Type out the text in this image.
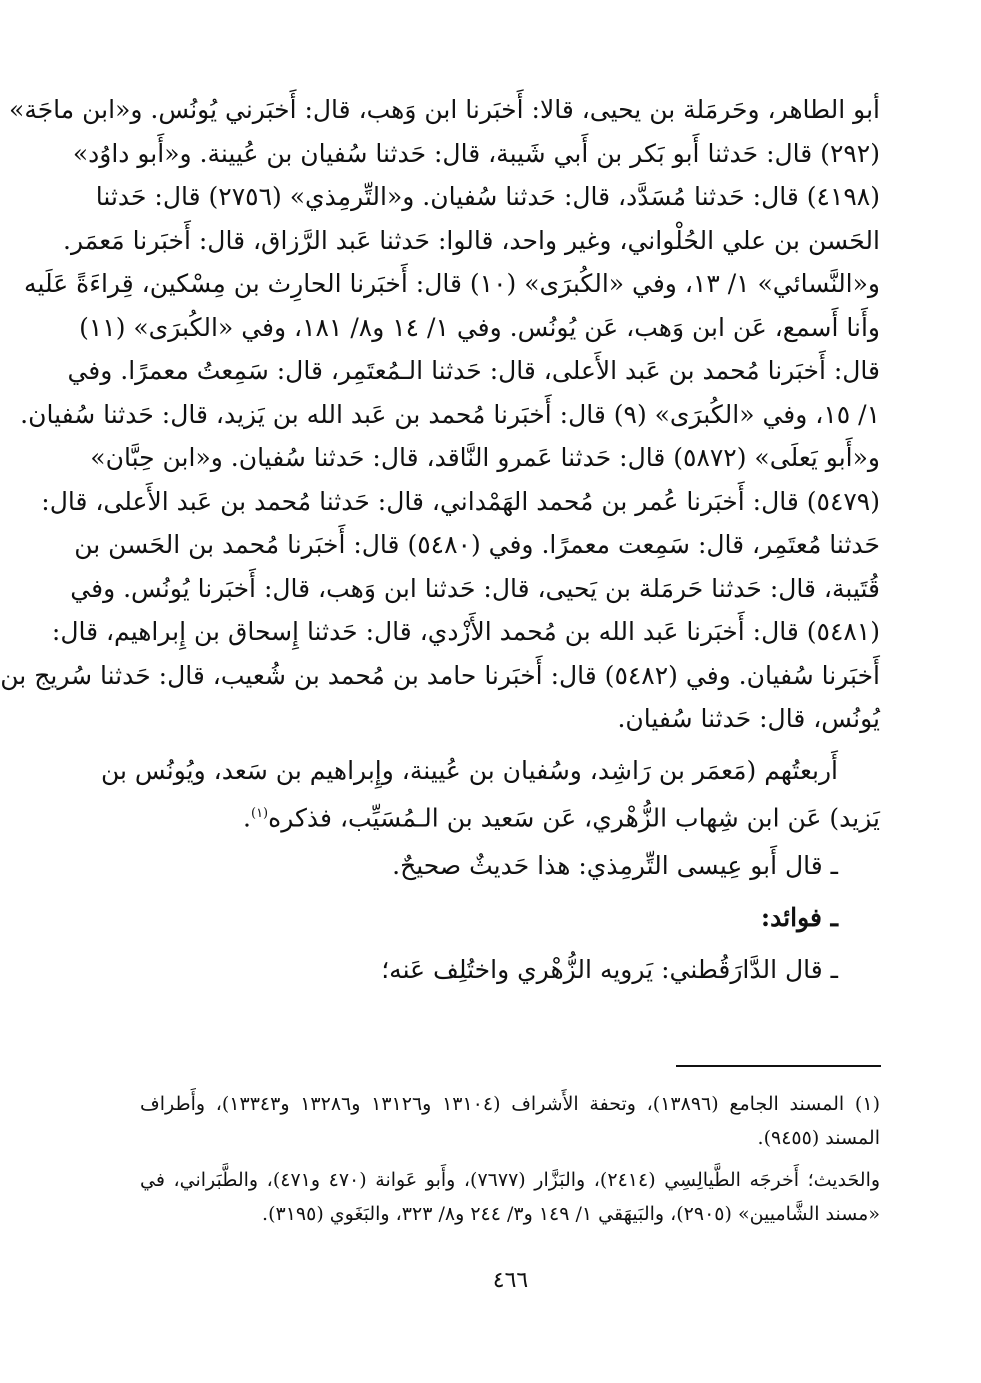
أبو الطاهر، وحَرمَلة بن يحيى، قالا: أَخبَرنا ابن وَهب، قال: أَخبَرني يُونُس. و«ابن ماجَة»
(٢٩٢) قال: حَدثنا أَبو بَكر بن أَبي شَيبة، قال: حَدثنا سُفيان بن عُيينة. و«أَبو داوُد»
(٤١٩٨) قال: حَدثنا مُسَدَّد، قال: حَدثنا سُفيان. و«التِّرمِذي» (٢٧٥٦) قال: حَدثنا
الحَسن بن علي الحُلْواني، وغير واحد، قالوا: حَدثنا عَبد الرَّزاق، قال: أَخبَرنا مَعمَر.
و«النَّسائي» ١/ ١٣، وفي «الكُبرَى» (١٠) قال: أَخبَرنا الحارِث بن مِسْكين، قِراءَةً عَلَيه
وأَنا أَسمع، عَن ابن وَهب، عَن يُونُس. وفي ١/ ١٤ و٨/ ١٨١، وفي «الكُبرَى» (١١)
قال: أَخبَرنا مُحمد بن عَبد الأَعلى، قال: حَدثنا الـمُعتَمِر، قال: سَمِعتُ معمرًا. وفي
١/ ١٥، وفي «الكُبرَى» (٩) قال: أَخبَرنا مُحمد بن عَبد الله بن يَزيد، قال: حَدثنا سُفيان.
و«أَبو يَعلَى» (٥٨٧٢) قال: حَدثنا عَمرو النَّاقد، قال: حَدثنا سُفيان. و«ابن حِبَّان»
(٥٤٧٩) قال: أَخبَرنا عُمر بن مُحمد الهَمْداني، قال: حَدثنا مُحمد بن عَبد الأَعلى، قال:
حَدثنا مُعتَمِر، قال: سَمِعت معمرًا. وفي (٥٤٨٠) قال: أَخبَرنا مُحمد بن الحَسن بن
قُتَيبة، قال: حَدثنا حَرمَلة بن يَحيى، قال: حَدثنا ابن وَهب، قال: أَخبَرنا يُونُس. وفي
(٥٤٨١) قال: أَخبَرنا عَبد الله بن مُحمد الأَزْدي، قال: حَدثنا إِسحاق بن إِبراهيم، قال:
أَخبَرنا سُفيان. وفي (٥٤٨٢) قال: أَخبَرنا حامد بن مُحمد بن شُعيب، قال: حَدثنا سُريج بن
يُونُس، قال: حَدثنا سُفيان.
أَربعتُهم (مَعمَر بن رَاشِد، وسُفيان بن عُيينة، وإِبراهيم بن سَعد، ويُونُس بن
يَزيد) عَن ابن شِهاب الزُّهْري، عَن سَعيد بن الـمُسَيِّب، فذكره$^{(١)}$.
ـ قال أَبو عِيسى التِّرمِذي: هذا حَديثٌ صحيحٌ.
ـ فوائد:
ـ قال الدَّارَقُطني: يَرويه الزُّهْري واختُلِف عَنه؛
(١) المسند الجامع (١٣٨٩٦)، وتحفة الأَشراف (١٣١٠٤ و١٣١٢٦ و١٣٢٨٦ و١٣٣٤٣)، وأَطراف
المسند (٩٤٥٥).
والحَديث؛ أَخرجَه الطَّيالِسِي (٢٤١٤)، والبَزَّار (٧٦٧٧)، وأَبو عَوانة (٤٧٠ و٤٧١)، والطَّبَراني، في
«مسند الشَّاميين» (٢٩٠٥)، والبَيهَقي ١/ ١٤٩ و٣/ ٢٤٤ و٨/ ٣٢٣، والبَغَوي (٣١٩٥).
٤٦٦
